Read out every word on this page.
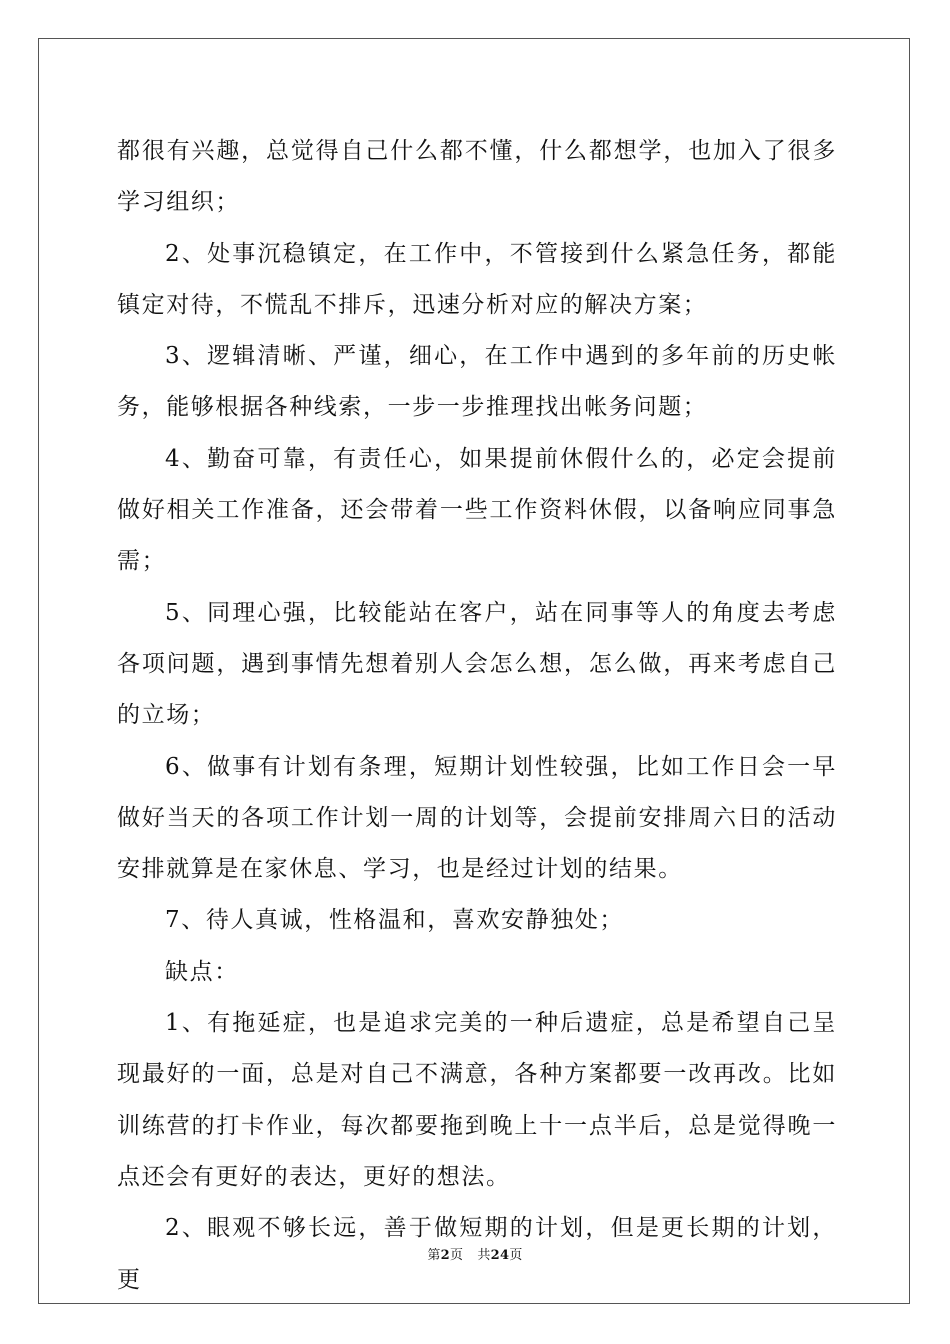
都很有兴趣，总觉得自己什么都不懂，什么都想学，也加入了很多学习组织；

2、处事沉稳镇定，在工作中，不管接到什么紧急任务，都能镇定对待，不慌乱不排斥，迅速分析对应的解决方案；

3、逻辑清晰、严谨，细心，在工作中遇到的多年前的历史帐务，能够根据各种线索，一步一步推理找出帐务问题；

4、勤奋可靠，有责任心，如果提前休假什么的，必定会提前做好相关工作准备，还会带着一些工作资料休假，以备响应同事急需；

5、同理心强，比较能站在客户，站在同事等人的角度去考虑各项问题，遇到事情先想着别人会怎么想，怎么做，再来考虑自己的立场；

6、做事有计划有条理，短期计划性较强，比如工作日会一早做好当天的各项工作计划一周的计划等，会提前安排周六日的活动安排就算是在家休息、学习，也是经过计划的结果。

7、待人真诚，性格温和，喜欢安静独处；

缺点：

1、有拖延症，也是追求完美的一种后遗症，总是希望自己呈现最好的一面，总是对自己不满意，各种方案都要一改再改。比如训练营的打卡作业，每次都要拖到晚上十一点半后，总是觉得晚一点还会有更好的表达，更好的想法。

2、眼观不够长远，善于做短期的计划，但是更长期的计划，更

第2页 共24页
